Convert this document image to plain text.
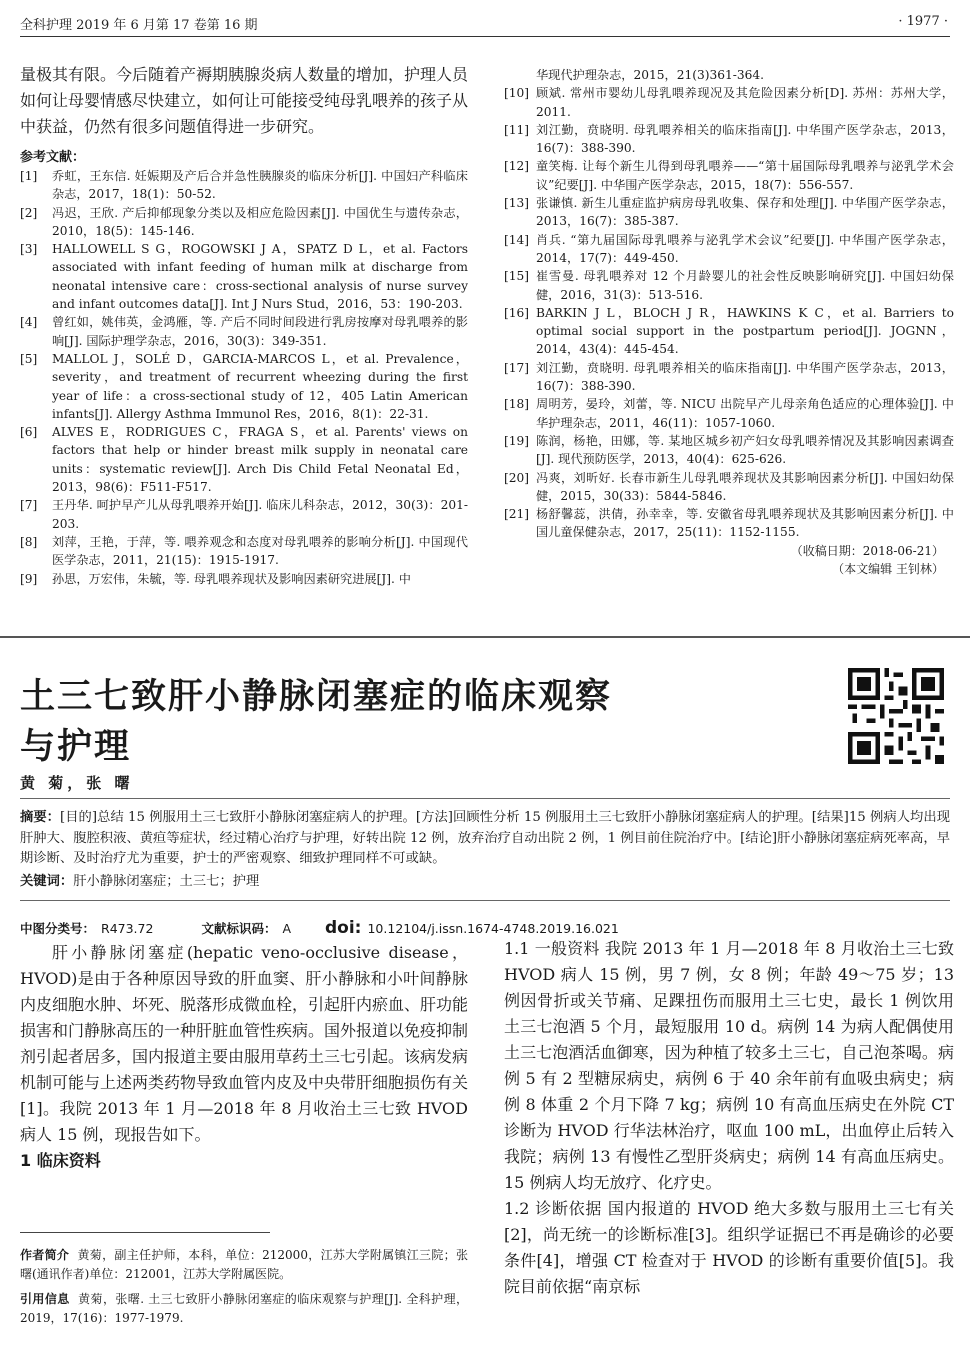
全科护理 2019 年 6 月第 17 卷第 16 期	· 1977 ·

量极其有限。今后随着产褥期胰腺炎病人数量的增加，护理人员如何让母婴情感尽快建立，如何让可能接受纯母乳喂养的孩子从中获益，仍然有很多问题值得进一步研究。

参考文献：
[1]	乔虹，王东信. 妊娠期及产后合并急性胰腺炎的临床分析[J]. 中国妇产科临床杂志，2017，18(1)：50-52.
[2]	冯迟，王欣. 产后抑郁现象分类以及相应危险因素[J]. 中国优生与遗传杂志，2010，18(5)：145-146.
[3]	HALLOWELL S G，ROGOWSKI J A，SPATZ D L，et al. Factors associated with infant feeding of human milk at discharge from neonatal intensive care：cross-sectional analysis of nurse survey and infant outcomes data[J]. Int J Nurs Stud，2016，53：190-203.
[4]	曾红如，姚伟英，金鸿雁，等. 产后不同时间段进行乳房按摩对母乳喂养的影响[J]. 国际护理学杂志，2016，30(3)：349-351.
[5]	MALLOL J，SOLÉ D，GARCIA-MARCOS L，et al. Prevalence，severity，and treatment of recurrent wheezing during the first year of life：a cross-sectional study of 12，405 Latin American infants[J]. Allergy Asthma Immunol Res，2016，8(1)：22-31.
[6]	ALVES E，RODRIGUES C，FRAGA S，et al. Parents' views on factors that help or hinder breast milk supply in neonatal care units：systematic review[J]. Arch Dis Child Fetal Neonatal Ed，2013，98(6)：F511-F517.
[7]	王丹华. 呵护早产儿从母乳喂养开始[J]. 临床儿科杂志，2012，30(3)：201-203.
[8]	刘萍，王艳，于萍，等. 喂养观念和态度对母乳喂养的影响分析[J]. 中国现代医学杂志，2011，21(15)：1915-1917.
[9]	孙思，万宏伟，朱毓，等. 母乳喂养现状及影响因素研究进展[J]. 中
华现代护理杂志，2015，21(3)361-364.
[10] 顾斌. 常州市婴幼儿母乳喂养现况及其危险因素分析[D]. 苏州：苏州大学，2011.
[11] 刘江勤，贲晓明. 母乳喂养相关的临床指南[J]. 中华围产医学杂志，2013，16(7)：388-390.
[12] 童笑梅. 让每个新生儿得到母乳喂养——“第十届国际母乳喂养与泌乳学术会议”纪要[J]. 中华围产医学杂志，2015，18(7)：556-557.
[13] 张谦慎. 新生儿重症监护病房母乳收集、保存和处理[J]. 中华围产医学杂志，2013，16(7)：385-387.
[14] 肖兵. “第九届国际母乳喂养与泌乳学术会议”纪要[J]. 中华围产医学杂志，2014，17(7)：449-450.
[15] 崔雪曼. 母乳喂养对 12 个月龄婴儿的社会性反映影响研究[J]. 中国妇幼保健，2016，31(3)：513-516.
[16] BARKIN J L，BLOCH J R，HAWKINS K C，et al. Barriers to optimal social support in the postpartum period[J]. JOGNN，2014，43(4)：445-454.
[17] 刘江勤，贲晓明. 母乳喂养相关的临床指南[J]. 中华围产医学杂志，2013，16(7)：388-390.
[18] 周明芳，晏玲，刘蕾，等. NICU 出院早产儿母亲角色适应的心理体验[J]. 中华护理杂志，2011，46(11)：1057-1060.
[19] 陈润，杨艳，田娜，等. 某地区城乡初产妇女母乳喂养情况及其影响因素调查[J]. 现代预防医学，2013，40(4)：625-626.
[20] 冯爽，刘昕好. 长春市新生儿母乳喂养现状及其影响因素分析[J]. 中国妇幼保健，2015，30(33)：5844-5846.
[21] 杨舒馨蕊，洪倩，孙幸幸，等. 安徽省母乳喂养现状及其影响因素分析[J]. 中国儿童保健杂志，2017，25(11)：1152-1155.
（收稿日期：2018-06-21）
（本文编辑 王钊林）
土三七致肝小静脉闭塞症的临床观察
与护理
黄 菊，张 曙
摘要：[目的]总结 15 例服用土三七致肝小静脉闭塞症病人的护理。[方法]回顾性分析 15 例服用土三七致肝小静脉闭塞症病人的护理。[结果]15 例病人均出现肝肿大、腹腔积液、黄疸等症状，经过精心治疗与护理，好转出院 12 例，放弃治疗自动出院 2 例，1 例目前住院治疗中。[结论]肝小静脉闭塞症病死率高，早期诊断、及时治疗尤为重要，护士的严密观察、细致护理同样不可或缺。
关键词：肝小静脉闭塞症；土三七；护理
中图分类号： R473.72	文献标识码： A doi: 10.12104/j.issn.1674-4748.2019.16.021

肝小静脉闭塞症(hepatic veno-occlusive disease，HVOD)是由于各种原因导致的肝血窦、肝小静脉和小叶间静脉内皮细胞水肿、坏死、脱落形成微血栓，引起肝内瘀血、肝功能损害和门静脉高压的一种肝脏血管性疾病。国外报道以免疫抑制剂引起者居多，国内报道主要由服用草药土三七引起。该病发病机制可能与上述两类药物导致血管内皮及中央带肝细胞损伤有关[1]。我院 2013 年 1 月—2018 年 8 月收治土三七致 HVOD 病人 15 例，现报告如下。

1 临床资料

1.1 一般资料 我院 2013 年 1 月—2018 年 8 月收治土三七致 HVOD 病人 15 例，男 7 例，女 8 例；年龄 49～75 岁；13 例因骨折或关节痛、足踝扭伤而服用土三七史，最长 1 例饮用土三七泡酒 5 个月，最短服用 10 d。病例 14 为病人配偶使用土三七泡酒活血御寒，因为种植了较多土三七，自己泡茶喝。病例 5 有 2 型糖尿病史，病例 6 于 40 余年前有血吸虫病史；病例 8 体重 2 个月下降 7 kg；病例 10 有高血压病史在外院 CT 诊断为 HVOD 行华法林治疗，呕血 100 mL，出血停止后转入我院；病例 13 有慢性乙型肝炎病史；病例 14 有高血压病史。15 例病人均无放疗、化疗史。

1.2 诊断依据 国内报道的 HVOD 绝大多数与服用土三七有关[2]，尚无统一的诊断标准[3]。组织学证据已不再是确诊的必要条件[4]，增强 CT 检查对于 HVOD 的诊断有重要价值[5]。我院目前依据“南京标

作者简介 黄菊，副主任护师，本科，单位：212000，江苏大学附属镇江三院；张曙(通讯作者)单位：212001，江苏大学附属医院。
引用信息 黄菊，张曙. 土三七致肝小静脉闭塞症的临床观察与护理[J]. 全科护理，2019，17(16)：1977-1979.
